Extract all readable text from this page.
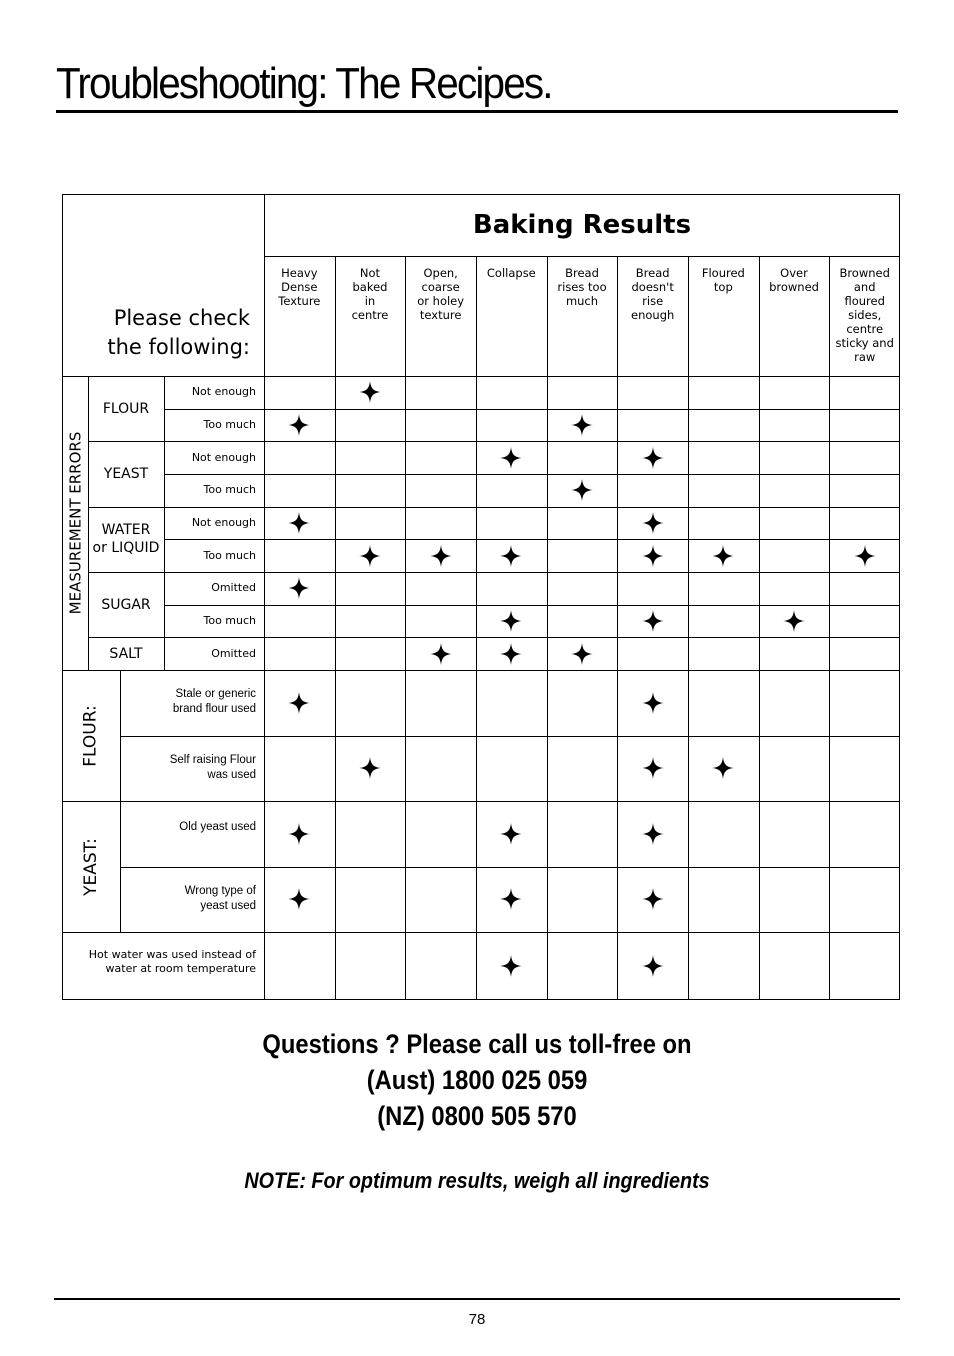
Troubleshooting: The Recipes.
Baking Results
Please check
the following:
Heavy
Dense
Texture
Not
baked
in
centre
Open,
coarse
or holey
texture
Collapse	Bread
rises too
much
Bread
doesn't
rise
enough
Floured
top
Over
browned
Browned
and
floured
sides,
centre
sticky and
raw
MEASUREMENT ERRORS
FLOUR
YEAST
WATER
or LIQUID
SUGAR
SALT
FLOUR:
YEAST:
Not enough
Too much
Not enough
Too much
Not enough
Too much
Omitted
Too much
Omitted
Stale or generic
brand flour used
Self raising Flour
was used
Old yeast used
Wrong type of
yeast used
Hot water was used instead of
water at room temperature
Questions ? Please call us toll-free on
(Aust) 1800 025 059
(NZ) 0800 505 570
NOTE: For optimum results, weigh all ingredients
78
